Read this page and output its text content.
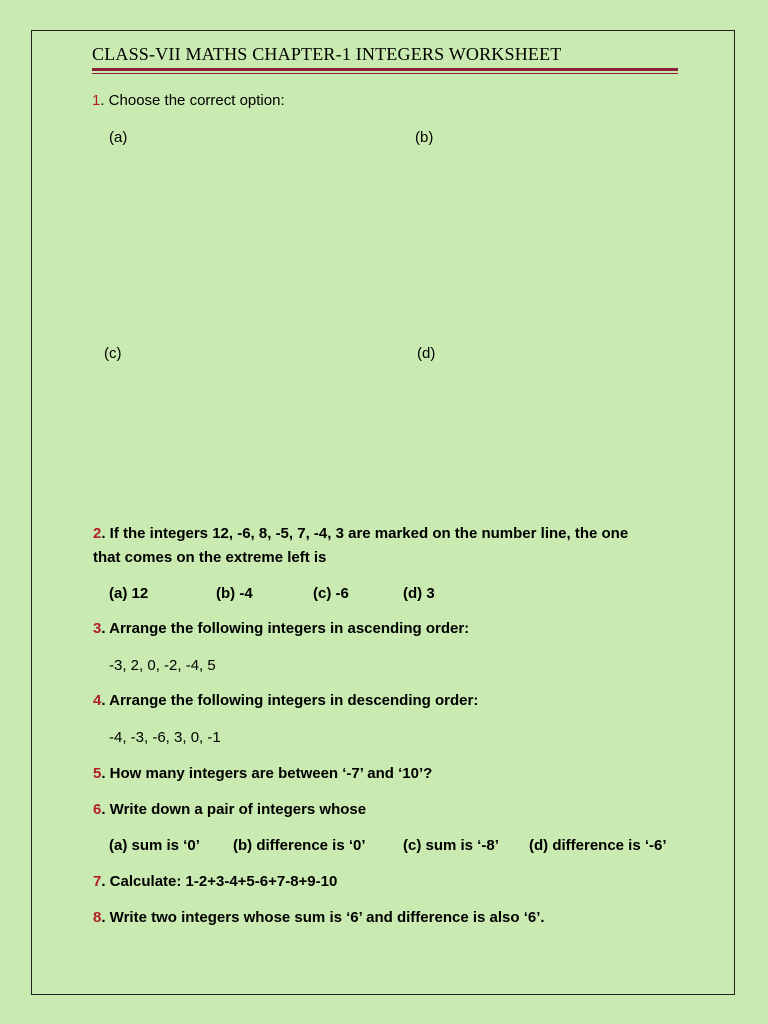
CLASS-VII MATHS CHAPTER-1 INTEGERS WORKSHEET
1. Choose the correct option:
(a)
INTEGERS
‘Z’
WHOLE
NUMBERS
‘W’
NATURAL
NUMBERS
‘N’
(b)
Z	W
N
(c)
Z
W
N
(d)
Z
W
N
2. If the integers 12, -6, 8, -5, 7, -4, 3 are marked on the number line, the one
that comes on the extreme left is
(a) 12	(b) -4	(c) -6	(d) 3
3. Arrange the following integers in ascending order:
-3, 2, 0, -2, -4, 5
4. Arrange the following integers in descending order:
-4, -3, -6, 3, 0, -1
5. How many integers are between ‘-7’ and ‘10’?
6. Write down a pair of integers whose
(a) sum is ‘0’ (b) difference is ‘0’ (c) sum is ‘-8’ (d) difference is ‘-6’
7. Calculate: 1-2+3-4+5-6+7-8+9-10
8. Write two integers whose sum is ‘6’ and difference is also ‘6’.
